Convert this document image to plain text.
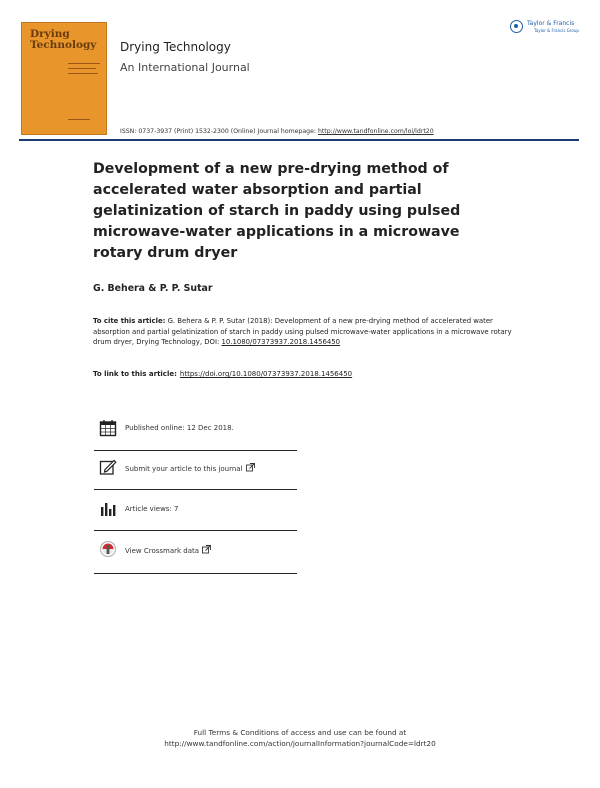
Drying
Technology Drying Technology
An International Journal
Taylor & Francis
Taylor & Francis Group
ISSN: 0737-3937 (Print) 1532-2300 (Online) Journal homepage: http://www.tandfonline.com/loi/ldrt20
Development of a new pre-drying method of accelerated water absorption and partial gelatinization of starch in paddy using pulsed microwave-water applications in a microwave rotary drum dryer
G. Behera & P. P. Sutar
To cite this article: G. Behera & P. P. Sutar (2018): Development of a new pre-drying method of accelerated water absorption and partial gelatinization of starch in paddy using pulsed microwave-water applications in a microwave rotary drum dryer, Drying Technology, DOI: 10.1080/07373937.2018.1456450
To link to this article: https://doi.org/10.1080/07373937.2018.1456450
Published online: 12 Dec 2018.
Submit your article to this journal
Article views: 7
View Crossmark data
Full Terms & Conditions of access and use can be found at
http://www.tandfonline.com/action/journalInformation?journalCode=ldrt20
